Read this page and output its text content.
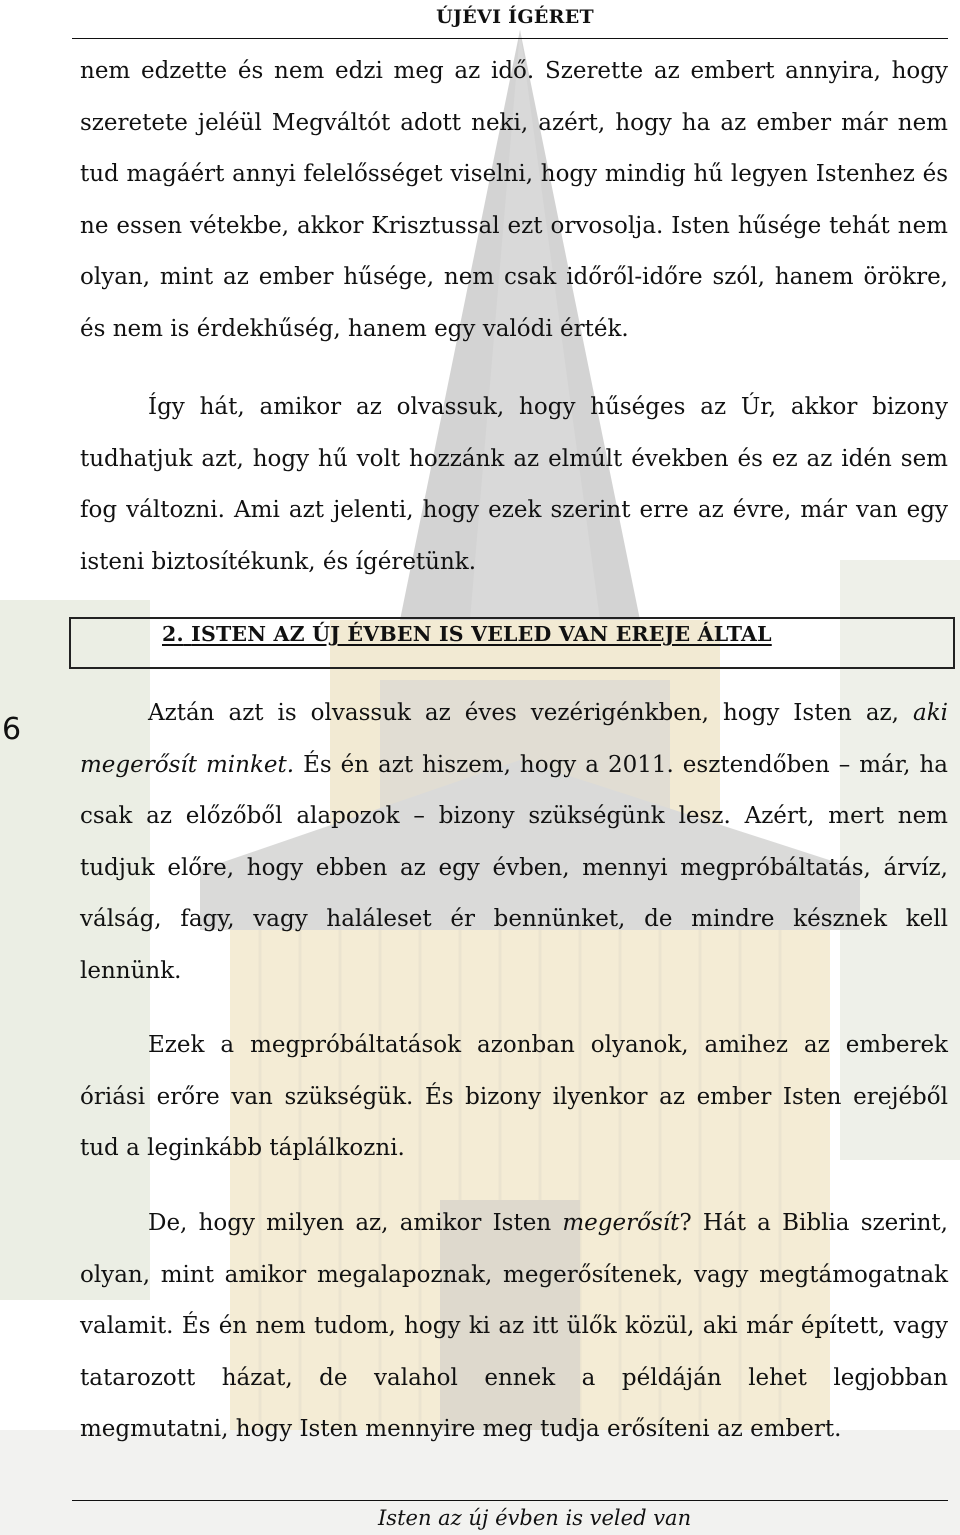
ÚJÉVI ÍGÉRET

nem edzette és nem edzi meg az idő. Szerette az embert annyira, hogy szeretete jeléül Megváltót adott neki, azért, hogy ha az ember már nem tud magáért annyi felelősséget viselni, hogy mindig hű legyen Istenhez és ne essen vétekbe, akkor Krisztussal ezt orvosolja. Isten hűsége tehát nem olyan, mint az ember hűsége, nem csak időről-időre szól, hanem örökre, és nem is érdekhűség, hanem egy valódi érték.

Így hát, amikor az olvassuk, hogy hűséges az Úr, akkor bizony tudhatjuk azt, hogy hű volt hozzánk az elmúlt években és ez az idén sem fog változni. Ami azt jelenti, hogy ezek szerint erre az évre, már van egy isteni biztosítékunk, és ígéretünk.

2. ISTEN AZ ÚJ ÉVBEN IS VELED VAN EREJE ÁLTAL
6	Aztán azt is olvassuk az éves vezérigénkben, hogy Isten az, aki megerősít minket. És én azt hiszem, hogy a 2011. esztendőben – már, ha csak az előzőből alapozok – bizony szükségünk lesz. Azért, mert nem tudjuk előre, hogy ebben az egy évben, mennyi megpróbáltatás, árvíz, válság, fagy, vagy haláleset ér bennünket, de mindre késznek kell lennünk.

Ezek a megpróbáltatások azonban olyanok, amihez az emberek óriási erőre van szükségük. És bizony ilyenkor az ember Isten erejéből tud a leginkább táplálkozni.

De, hogy milyen az, amikor Isten megerősít? Hát a Biblia szerint, olyan, mint amikor megalapoznak, megerősítenek, vagy megtámogatnak valamit. És én nem tudom, hogy ki az itt ülők közül, aki már épített, vagy tatarozott házat, de valahol ennek a példáján lehet legjobban megmutatni, hogy Isten mennyire meg tudja erősíteni az embert.

Isten az új évben is veled van
